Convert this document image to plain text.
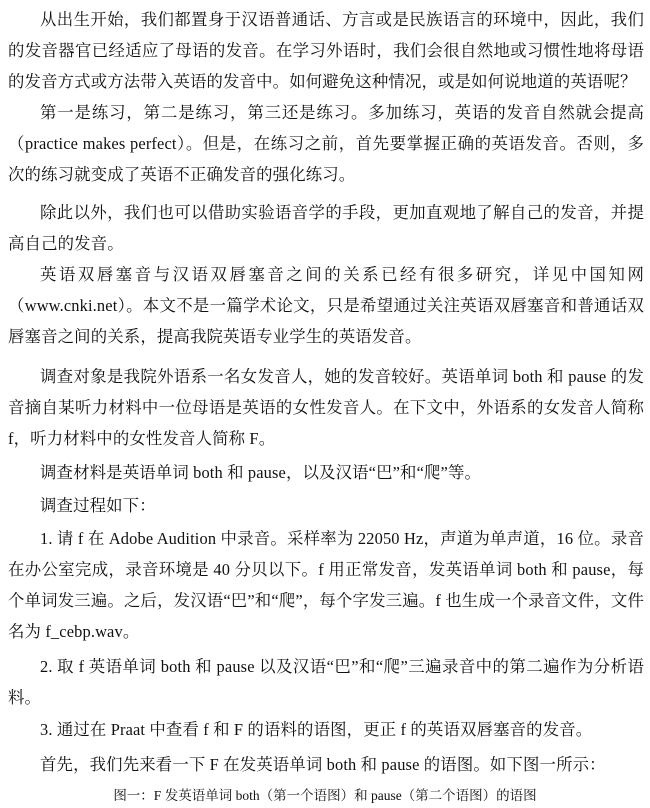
从出生开始，我们都置身于汉语普通话、方言或是民族语言的环境中，因此，我们的发音器官已经适应了母语的发音。在学习外语时，我们会很自然地或习惯性地将母语的发音方式或方法带入英语的发音中。如何避免这种情况，或是如何说地道的英语呢？

第一是练习，第二是练习，第三还是练习。多加练习，英语的发音自然就会提高（practice makes perfect）。但是，在练习之前，首先要掌握正确的英语发音。否则，多次的练习就变成了英语不正确发音的强化练习。

除此以外，我们也可以借助实验语音学的手段，更加直观地了解自己的发音，并提高自己的发音。

英语双唇塞音与汉语双唇塞音之间的关系已经有很多研究，详见中国知网（www.cnki.net）。本文不是一篇学术论文，只是希望通过关注英语双唇塞音和普通话双唇塞音之间的关系，提高我院英语专业学生的英语发音。

调查对象是我院外语系一名女发音人，她的发音较好。英语单词 both 和 pause 的发音摘自某听力材料中一位母语是英语的女性发音人。在下文中，外语系的女发音人简称 f，听力材料中的女性发音人简称 F。

调查材料是英语单词 both 和 pause，以及汉语“巴”和“爬”等。

调查过程如下：

1. 请 f 在 Adobe Audition 中录音。采样率为 22050 Hz，声道为单声道，16 位。录音在办公室完成，录音环境是 40 分贝以下。f 用正常发音，发英语单词 both 和 pause，每个单词发三遍。之后，发汉语“巴”和“爬”，每个字发三遍。f 也生成一个录音文件，文件名为 f_cebp.wav。

2. 取 f 英语单词 both 和 pause 以及汉语“巴”和“爬”三遍录音中的第二遍作为分析语料。

3. 通过在 Praat 中查看 f 和 F 的语料的语图，更正 f 的英语双唇塞音的发音。

首先，我们先来看一下 F 在发英语单词 both 和 pause 的语图。如下图一所示：

图一：F 发英语单词 both（第一个语图）和 pause（第二个语图）的语图
